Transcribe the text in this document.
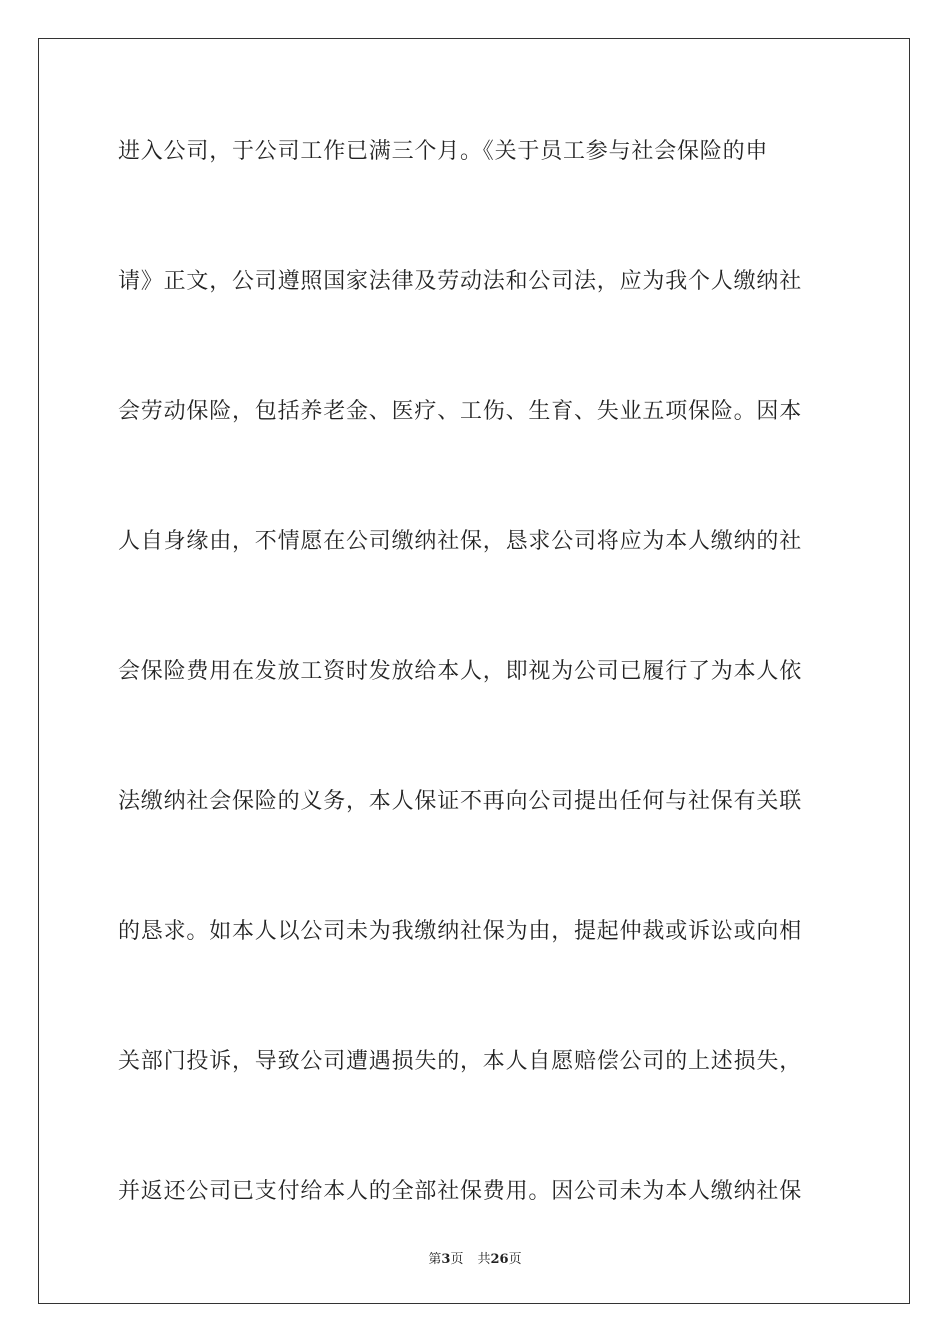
进入公司，于公司工作已满三个月。《关于员工参与社会保险的申
请》正文，公司遵照国家法律及劳动法和公司法，应为我个人缴纳社
会劳动保险，包括养老金、医疗、工伤、生育、失业五项保险。因本
人自身缘由，不情愿在公司缴纳社保，恳求公司将应为本人缴纳的社
会保险费用在发放工资时发放给本人，即视为公司已履行了为本人依
法缴纳社会保险的义务，本人保证不再向公司提出任何与社保有关联
的恳求。如本人以公司未为我缴纳社保为由，提起仲裁或诉讼或向相
关部门投诉，导致公司遭遇损失的，本人自愿赔偿公司的上述损失，
并返还公司已支付给本人的全部社保费用。因公司未为本人缴纳社保
第3页 共26页
